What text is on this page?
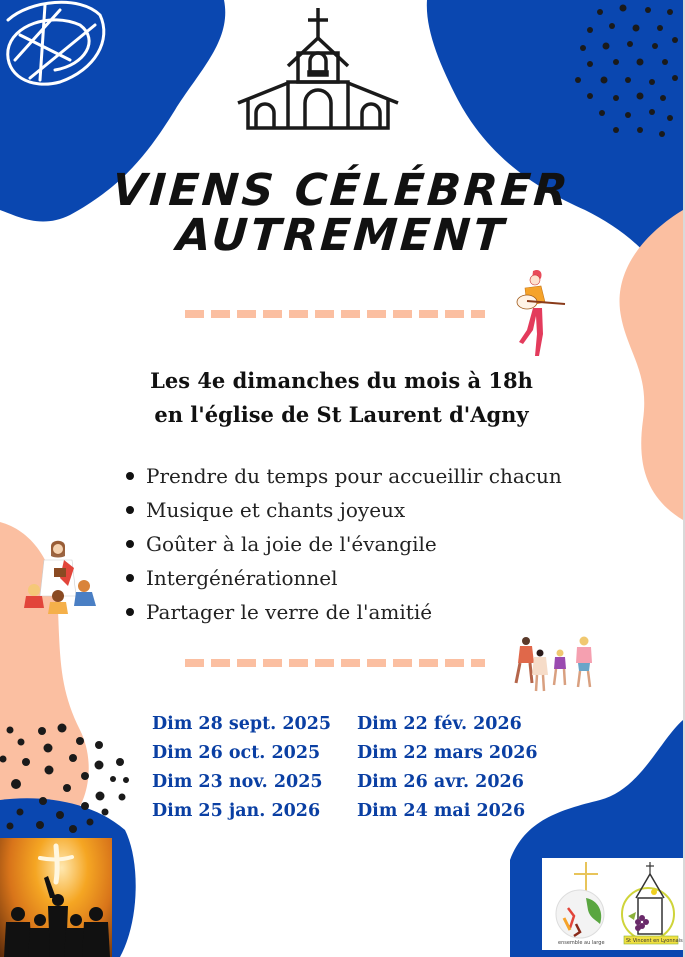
VIENS CÉLÉBRER
AUTREMENT
Les 4e dimanches du mois à 18h
en l'église de St Laurent d'Agny
Prendre du temps pour accueillir chacun
Musique et chants joyeux
Goûter à la joie de l'évangile
Intergénérationnel
Partager le verre de l'amitié
Dim 28 sept. 2025
Dim 26 oct. 2025
Dim 23 nov. 2025
Dim 25 jan. 2026
Dim 22 fév. 2026
Dim 22 mars 2026
Dim 26 avr. 2026
Dim 24 mai 2026
ensemble au large	St Vincent en Lyonnais
